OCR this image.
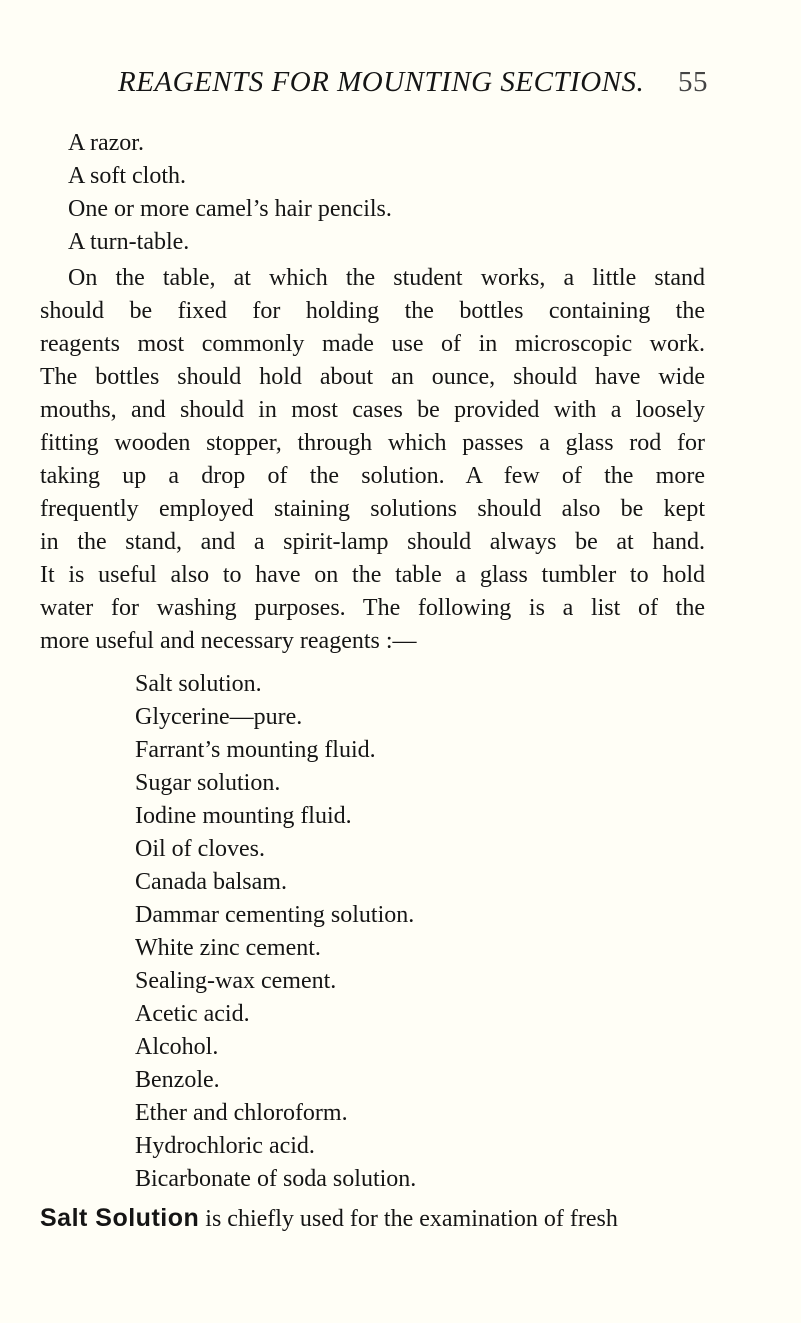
REAGENTS FOR MOUNTING SECTIONS. 55
A razor.
A soft cloth.
One or more camel’s hair pencils.
A turn-table.
On the table, at which the student works, a little stand
should be fixed for holding the bottles containing the
reagents most commonly made use of in microscopic work.
The bottles should hold about an ounce, should have wide
mouths, and should in most cases be provided with a loosely
fitting wooden stopper, through which passes a glass rod for
taking up a drop of the solution. A few of the more
frequently employed staining solutions should also be kept
in the stand, and a spirit-lamp should always be at hand.
It is useful also to have on the table a glass tumbler to hold
water for washing purposes. The following is a list of the
more useful and necessary reagents :—
Salt solution.
Glycerine—pure.
Farrant’s mounting fluid.
Sugar solution.
Iodine mounting fluid.
Oil of cloves.
Canada balsam.
Dammar cementing solution.
White zinc cement.
Sealing-wax cement.
Acetic acid.
Alcohol.
Benzole.
Ether and chloroform.
Hydrochloric acid.
Bicarbonate of soda solution.
Salt Solution is chiefly used for the examination of fresh
